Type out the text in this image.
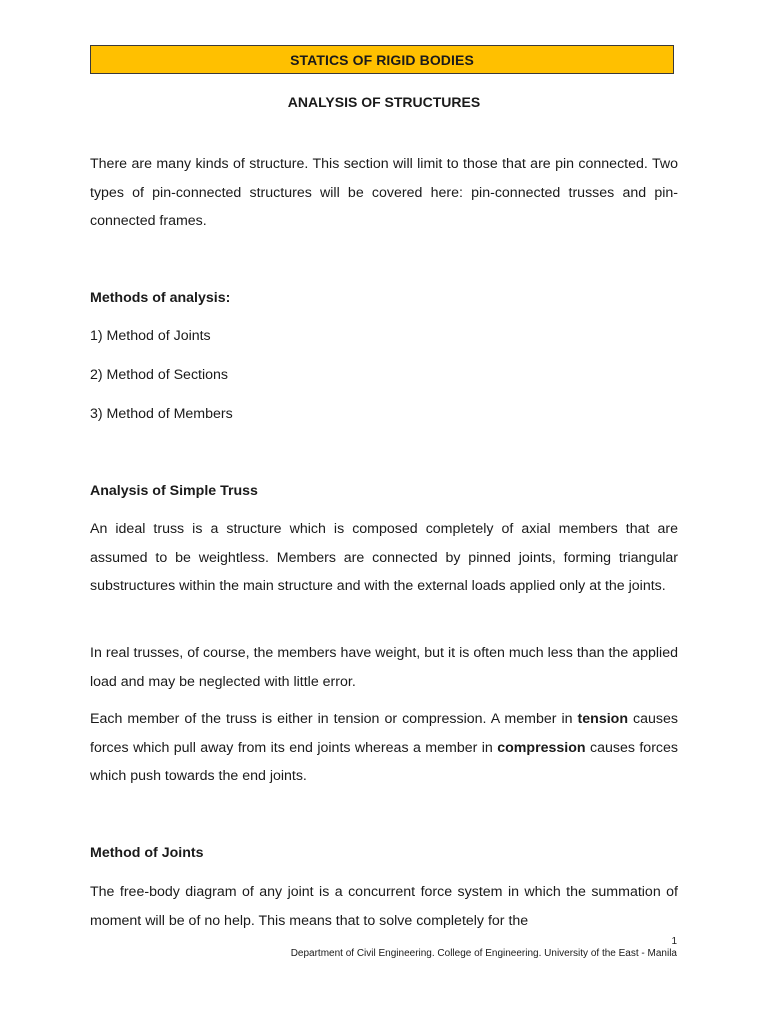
STATICS OF RIGID BODIES
ANALYSIS OF STRUCTURES

There are many kinds of structure. This section will limit to those that are pin connected. Two types of pin-connected structures will be covered here: pin-connected trusses and pin-connected frames.

Methods of analysis:

1) Method of Joints

2) Method of Sections

3) Method of Members

Analysis of Simple Truss

An ideal truss is a structure which is composed completely of axial members that are assumed to be weightless. Members are connected by pinned joints, forming triangular substructures within the main structure and with the external loads applied only at the joints.

In real trusses, of course, the members have weight, but it is often much less than the applied load and may be neglected with little error.

Each member of the truss is either in tension or compression. A member in tension causes forces which pull away from its end joints whereas a member in compression causes forces which push towards the end joints.

Method of Joints

The free-body diagram of any joint is a concurrent force system in which the summation of moment will be of no help. This means that to solve completely for the

1
Department of Civil Engineering. College of Engineering. University of the East - Manila
